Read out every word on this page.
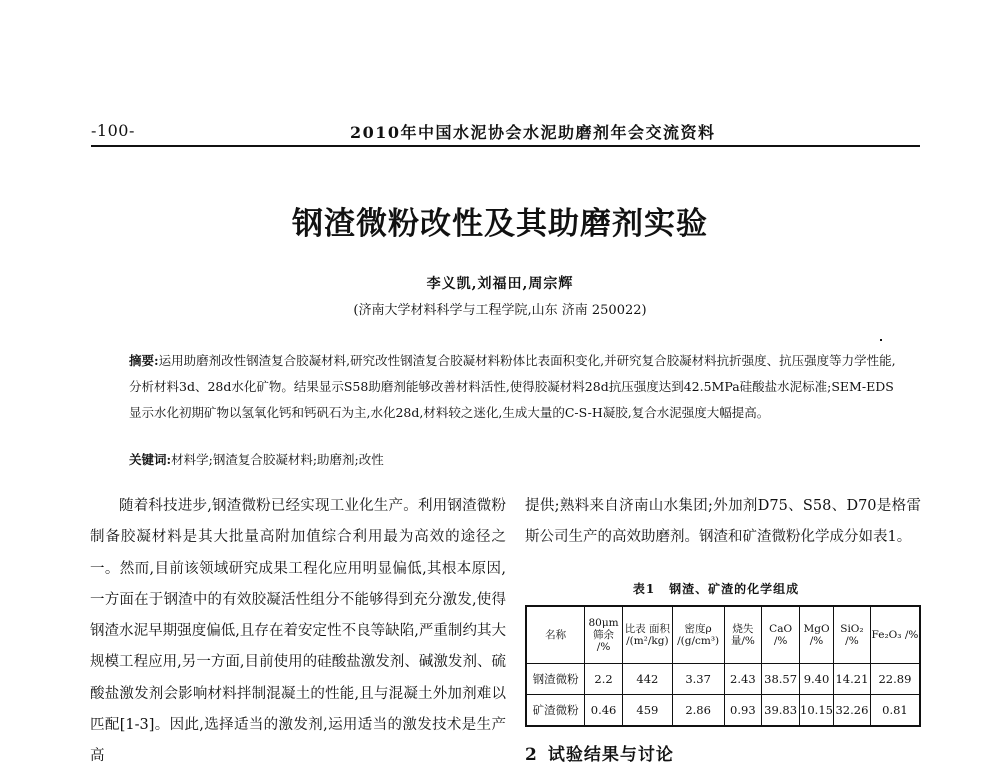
-100-	2010年中国水泥协会水泥助磨剂年会交流资料
钢渣微粉改性及其助磨剂实验
李义凯,刘福田,周宗辉
(济南大学材料科学与工程学院,山东 济南 250022)
摘要:运用助磨剂改性钢渣复合胶凝材料,研究改性钢渣复合胶凝材料粉体比表面积变化,并研究复合胶凝材料抗折强度、抗压强度等力学性能,分析材料3d、28d水化矿物。结果显示S58助磨剂能够改善材料活性,使得胶凝材料28d抗压强度达到42.5MPa硅酸盐水泥标准;SEM-EDS显示水化初期矿物以氢氧化钙和钙矾石为主,水化28d,材料较之迷化,生成大量的C-S-H凝胶,复合水泥强度大幅提高。
关键词:材料学;钢渣复合胶凝材料;助磨剂;改性

随着科技进步,钢渣微粉已经实现工业化生产。利用钢渣微粉制备胶凝材料是其大批量高附加值综合利用最为高效的途径之一。然而,目前该领域研究成果工程化应用明显偏低,其根本原因,一方面在于钢渣中的有效胶凝活性组分不能够得到充分激发,使得钢渣水泥早期强度偏低,且存在着安定性不良等缺陷,严重制约其大规模工程应用,另一方面,目前使用的硅酸盐激发剂、碱激发剂、硫酸盐激发剂会影响材料拌制混凝土的性能,且与混凝土外加剂难以匹配[1-3]。因此,选择适当的激发剂,运用适当的激发技术是生产高

提供;熟料来自济南山水集团;外加剂D75、S58、D70是格雷斯公司生产的高效助磨剂。钢渣和矿渣微粉化学成分如表1。

表1 钢渣、矿渣的化学组成
名称	80μm 筛余 /%	比表 面积 /(m²/kg)	密度ρ /(g/cm³)	烧失 量/%	CaO /%	MgO /%	SiO₂ /%	Fe₂O₃ /%
钢渣微粉	2.2	442	3.37	2.43	38.57	9.40	14.21	22.89
矿渣微粉	0.46	459	2.86	0.93	39.83	10.15	32.26	0.81
2 试验结果与讨论
